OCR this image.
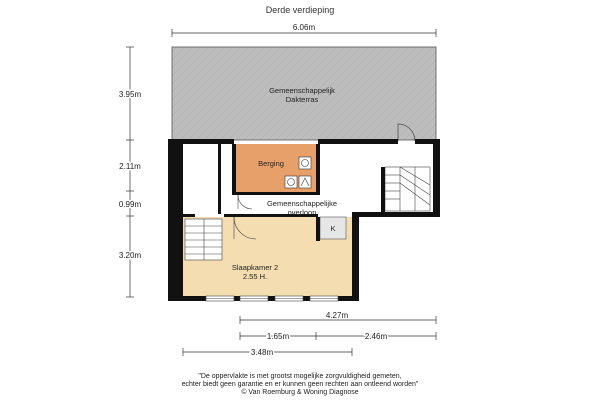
Derde verdieping
6.06m
3.95m
2.11m
0.99m
3.20m
Gemeenschappelijk
Dakterras
Berging
Gemeenschappelijke
overloop
K
Slaapkamer 2
2.55 H.
4.27m
1.65m	2.46m
3.48m
"De oppervlakte is met grootst mogelijke zorgvuldigheid gemeten,
echter biedt geen garantie en er kunnen geen rechten aan ontleend worden"
© Van Roemburg & Woning Diagnose
